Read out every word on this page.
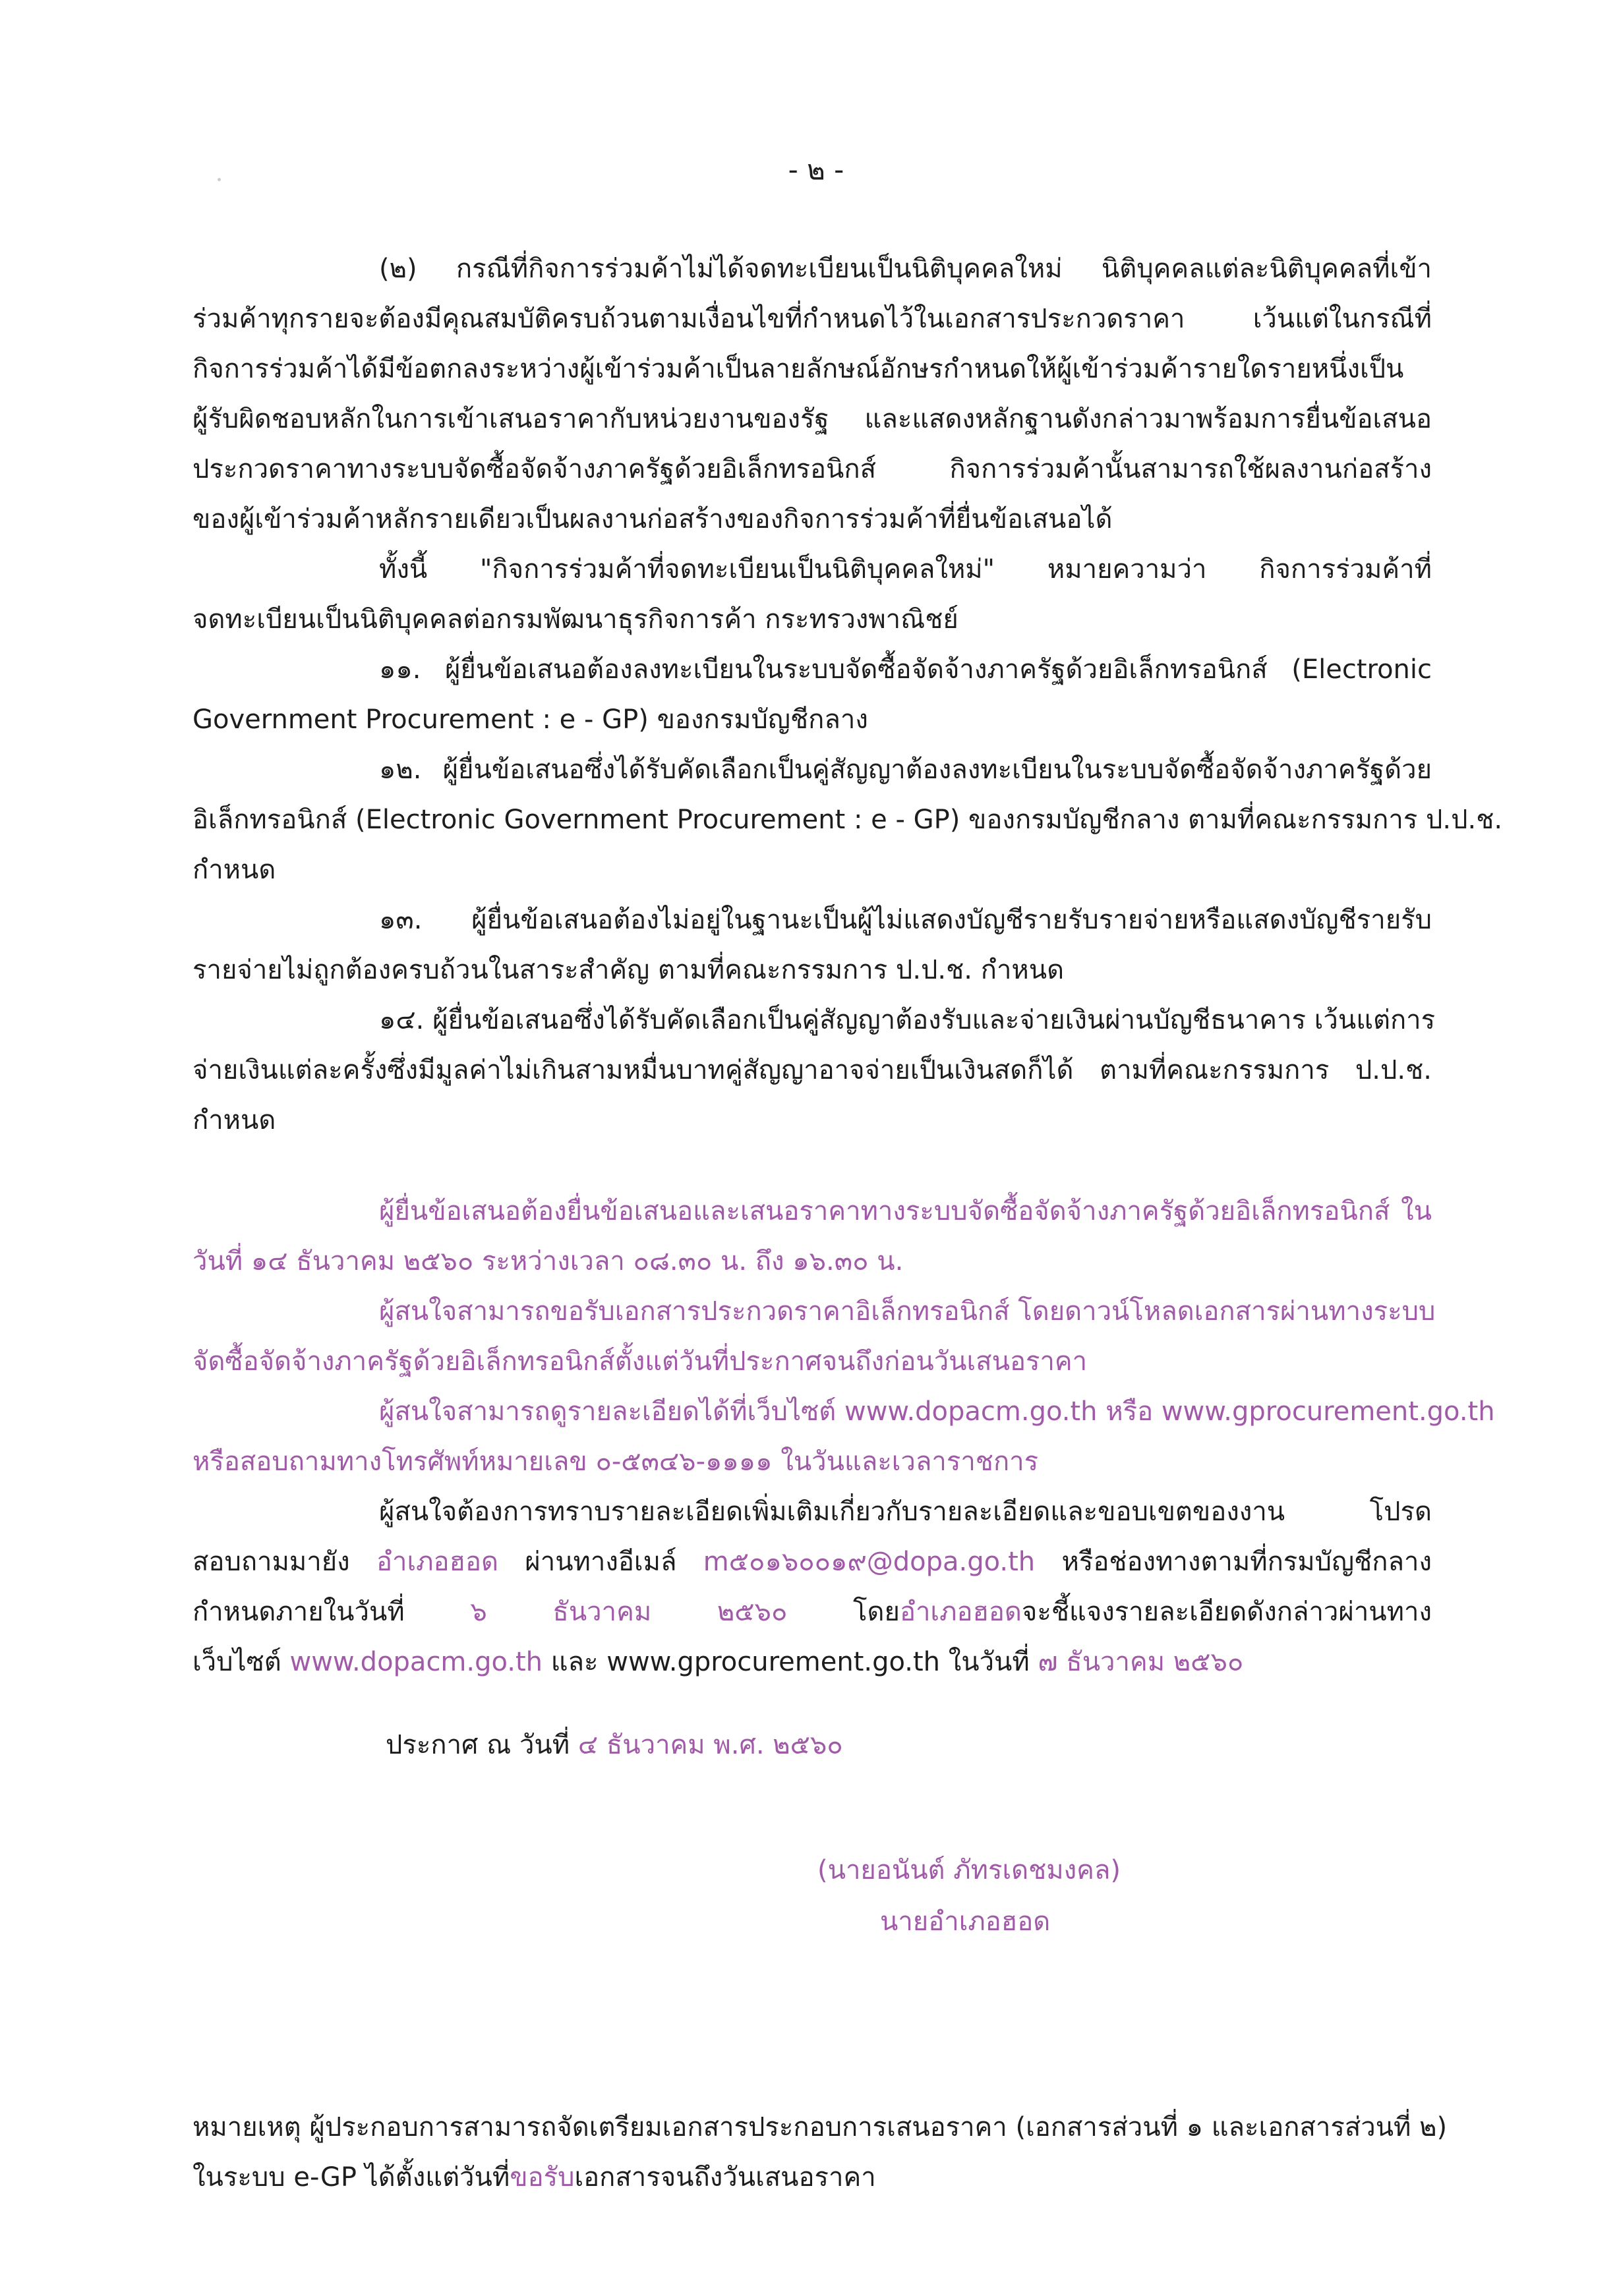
- ๒ -
(๒) กรณีที่กิจการร่วมค้าไม่ได้จดทะเบียนเป็นนิติบุคคลใหม่ นิติบุคคลแต่ละนิติบุคคลที่เข้า
ร่วมค้าทุกรายจะต้องมีคุณสมบัติครบถ้วนตามเงื่อนไขที่กำหนดไว้ในเอกสารประกวดราคา เว้นแต่ในกรณีที่
กิจการร่วมค้าได้มีข้อตกลงระหว่างผู้เข้าร่วมค้าเป็นลายลักษณ์อักษรกำหนดให้ผู้เข้าร่วมค้ารายใดรายหนึ่งเป็น
ผู้รับผิดชอบหลักในการเข้าเสนอราคากับหน่วยงานของรัฐ และแสดงหลักฐานดังกล่าวมาพร้อมการยื่นข้อเสนอ
ประกวดราคาทางระบบจัดซื้อจัดจ้างภาครัฐด้วยอิเล็กทรอนิกส์ กิจการร่วมค้านั้นสามารถใช้ผลงานก่อสร้าง
ของผู้เข้าร่วมค้าหลักรายเดียวเป็นผลงานก่อสร้างของกิจการร่วมค้าที่ยื่นข้อเสนอได้
ทั้งนี้ "กิจการร่วมค้าที่จดทะเบียนเป็นนิติบุคคลใหม่" หมายความว่า กิจการร่วมค้าที่
จดทะเบียนเป็นนิติบุคคลต่อกรมพัฒนาธุรกิจการค้า กระทรวงพาณิชย์
๑๑. ผู้ยื่นข้อเสนอต้องลงทะเบียนในระบบจัดซื้อจัดจ้างภาครัฐด้วยอิเล็กทรอนิกส์ (Electronic
Government Procurement : e - GP) ของกรมบัญชีกลาง
๑๒. ผู้ยื่นข้อเสนอซึ่งได้รับคัดเลือกเป็นคู่สัญญาต้องลงทะเบียนในระบบจัดซื้อจัดจ้างภาครัฐด้วย
อิเล็กทรอนิกส์ (Electronic Government Procurement : e - GP) ของกรมบัญชีกลาง ตามที่คณะกรรมการ ป.ป.ช.
กำหนด
๑๓. ผู้ยื่นข้อเสนอต้องไม่อยู่ในฐานะเป็นผู้ไม่แสดงบัญชีรายรับรายจ่ายหรือแสดงบัญชีรายรับ
รายจ่ายไม่ถูกต้องครบถ้วนในสาระสำคัญ ตามที่คณะกรรมการ ป.ป.ช. กำหนด
๑๔. ผู้ยื่นข้อเสนอซึ่งได้รับคัดเลือกเป็นคู่สัญญาต้องรับและจ่ายเงินผ่านบัญชีธนาคาร เว้นแต่การ
จ่ายเงินแต่ละครั้งซึ่งมีมูลค่าไม่เกินสามหมื่นบาทคู่สัญญาอาจจ่ายเป็นเงินสดก็ได้ ตามที่คณะกรรมการ ป.ป.ช.
กำหนด
ผู้ยื่นข้อเสนอต้องยื่นข้อเสนอและเสนอราคาทางระบบจัดซื้อจัดจ้างภาครัฐด้วยอิเล็กทรอนิกส์ ใน
วันที่ ๑๔ ธันวาคม ๒๕๖๐ ระหว่างเวลา ๐๘.๓๐ น. ถึง ๑๖.๓๐ น.
ผู้สนใจสามารถขอรับเอกสารประกวดราคาอิเล็กทรอนิกส์ โดยดาวน์โหลดเอกสารผ่านทางระบบ
จัดซื้อจัดจ้างภาครัฐด้วยอิเล็กทรอนิกส์ตั้งแต่วันที่ประกาศจนถึงก่อนวันเสนอราคา
ผู้สนใจสามารถดูรายละเอียดได้ที่เว็บไซต์ www.dopacm.go.th หรือ www.gprocurement.go.th
หรือสอบถามทางโทรศัพท์หมายเลข ๐-๕๓๔๖-๑๑๑๑ ในวันและเวลาราชการ
ผู้สนใจต้องการทราบรายละเอียดเพิ่มเติมเกี่ยวกับรายละเอียดและขอบเขตของงาน โปรด
สอบถามมายัง อำเภอฮอด ผ่านทางอีเมล์ m๕๐๑๖๐๐๑๙@dopa.go.th หรือช่องทางตามที่กรมบัญชีกลาง
กำหนดภายในวันที่ ๖ ธันวาคม ๒๕๖๐ โดยอำเภอฮอดจะชี้แจงรายละเอียดดังกล่าวผ่านทาง
เว็บไซต์ www.dopacm.go.th และ www.gprocurement.go.th ในวันที่ ๗ ธันวาคม ๒๕๖๐
ประกาศ ณ วันที่ ๔ ธันวาคม พ.ศ. ๒๕๖๐
(นายอนันต์ ภัทรเดชมงคล)
นายอำเภอฮอด
หมายเหตุ ผู้ประกอบการสามารถจัดเตรียมเอกสารประกอบการเสนอราคา (เอกสารส่วนที่ ๑ และเอกสารส่วนที่ ๒)
ในระบบ e-GP ได้ตั้งแต่วันที่ขอรับเอกสารจนถึงวันเสนอราคา
